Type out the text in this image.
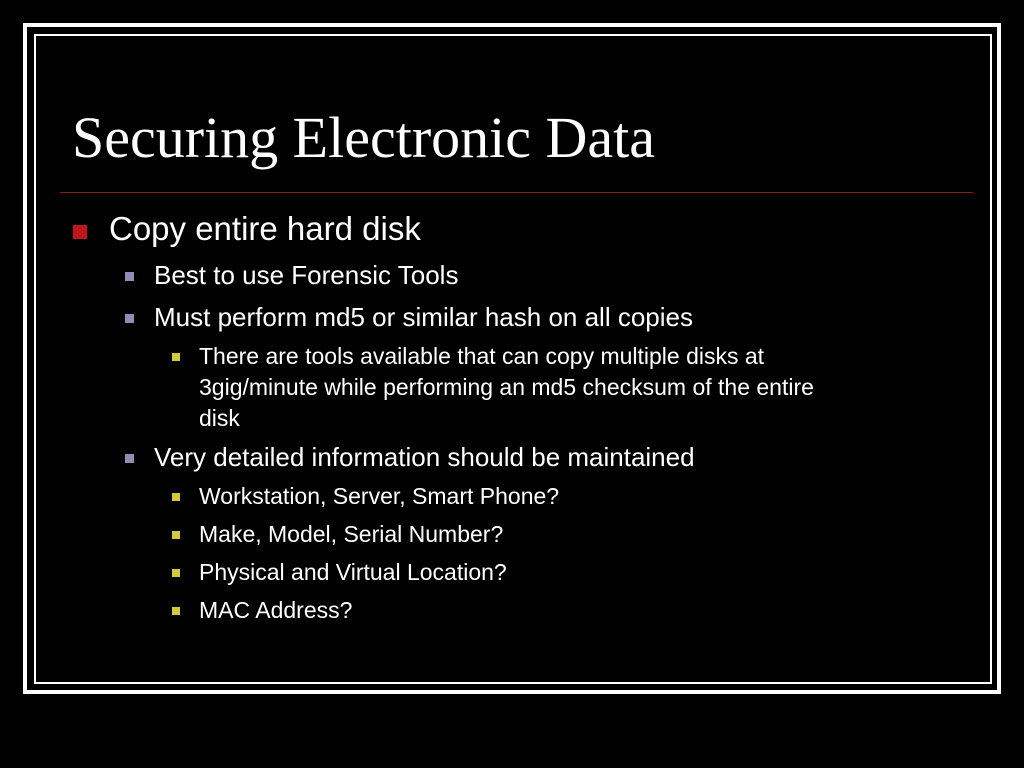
Securing Electronic Data
Copy entire hard disk
Best to use Forensic Tools
Must perform md5 or similar hash on all copies
There are tools available that can copy multiple disks at
3gig/minute while performing an md5 checksum of the entire
disk
Very detailed information should be maintained
Workstation, Server, Smart Phone?
Make, Model, Serial Number?
Physical and Virtual Location?
MAC Address?
